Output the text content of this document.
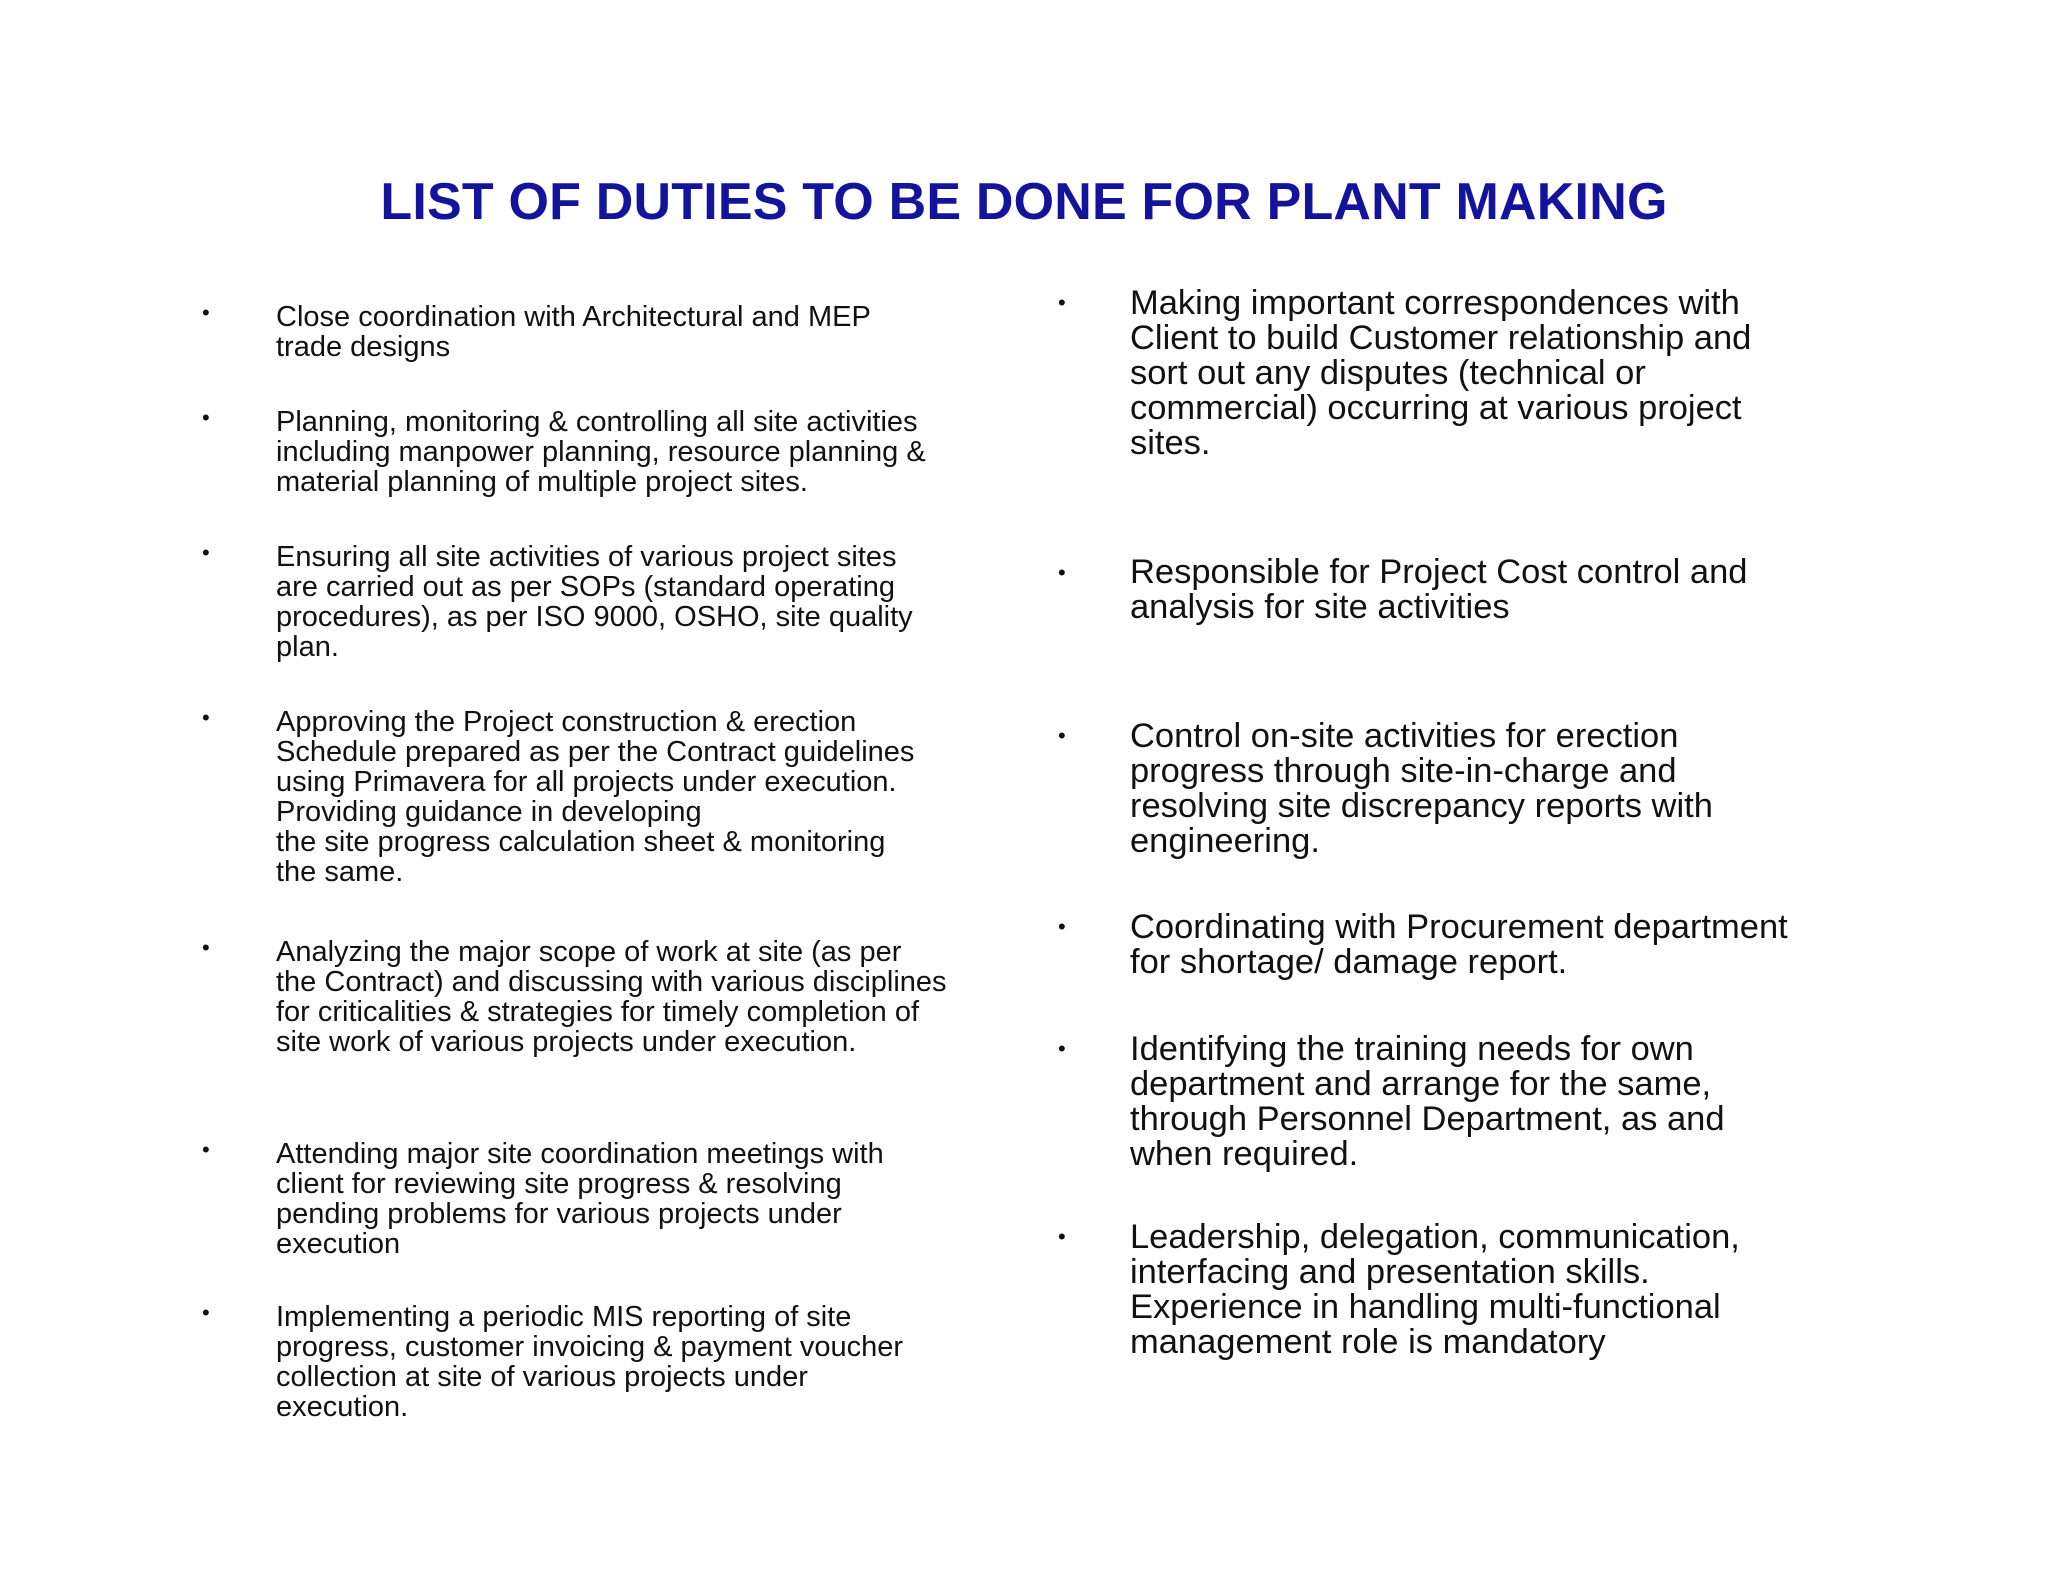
LIST OF DUTIES TO BE DONE FOR PLANT MAKING
• Close coordination with Architectural and MEP
trade designs
• Planning, monitoring & controlling all site activities
including manpower planning, resource planning &
material planning of multiple project sites.
• Ensuring all site activities of various project sites
are carried out as per SOPs (standard operating
procedures), as per ISO 9000, OSHO, site quality
plan.
• Approving the Project construction & erection
Schedule prepared as per the Contract guidelines
using Primavera for all projects under execution.
Providing guidance in developing
the site progress calculation sheet & monitoring
the same.
• Analyzing the major scope of work at site (as per
the Contract) and discussing with various disciplines
for criticalities & strategies for timely completion of
site work of various projects under execution.
• Attending major site coordination meetings with
client for reviewing site progress & resolving
pending problems for various projects under
execution
• Implementing a periodic MIS reporting of site
progress, customer invoicing & payment voucher
collection at site of various projects under
execution.
• Making important correspondences with
Client to build Customer relationship and
sort out any disputes (technical or
commercial) occurring at various project
sites.
• Responsible for Project Cost control and
analysis for site activities
• Control on-site activities for erection
progress through site-in-charge and
resolving site discrepancy reports with
engineering.
• Coordinating with Procurement department
for shortage/ damage report.
• Identifying the training needs for own
department and arrange for the same,
through Personnel Department, as and
when required.
• Leadership, delegation, communication,
interfacing and presentation skills.
Experience in handling multi-functional
management role is mandatory
